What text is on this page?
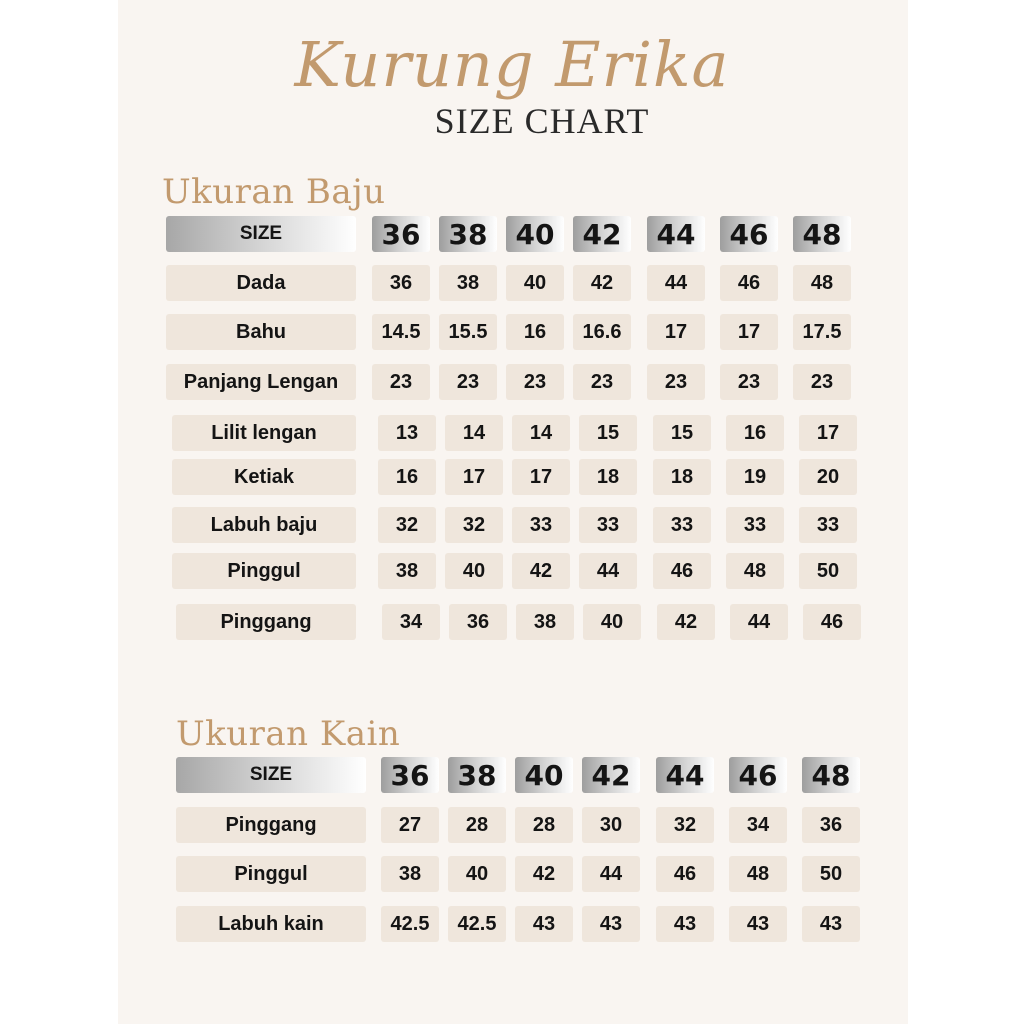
Kurung Erika
SIZE CHART
Ukuran Baju
SIZE	36	38	40	42	44	46	48
Dada	36	38	40	42	44	46	48
Bahu	14.5	15.5	16	16.6	17	17	17.5
Panjang Lengan	23	23	23	23	23	23	23
Lilit lengan	13	14	14	15	15	16	17
Ketiak	16	17	17	18	18	19	20
Labuh baju	32	32	33	33	33	33	33
Pinggul	38	40	42	44	46	48	50
Pinggang	34	36	38	40	42	44	46
Ukuran Kain
SIZE	36	38	40	42	44	46	48
Pinggang	27	28	28	30	32	34	36
Pinggul	38	40	42	44	46	48	50
Labuh kain	42.5	42.5	43	43	43	43	43
